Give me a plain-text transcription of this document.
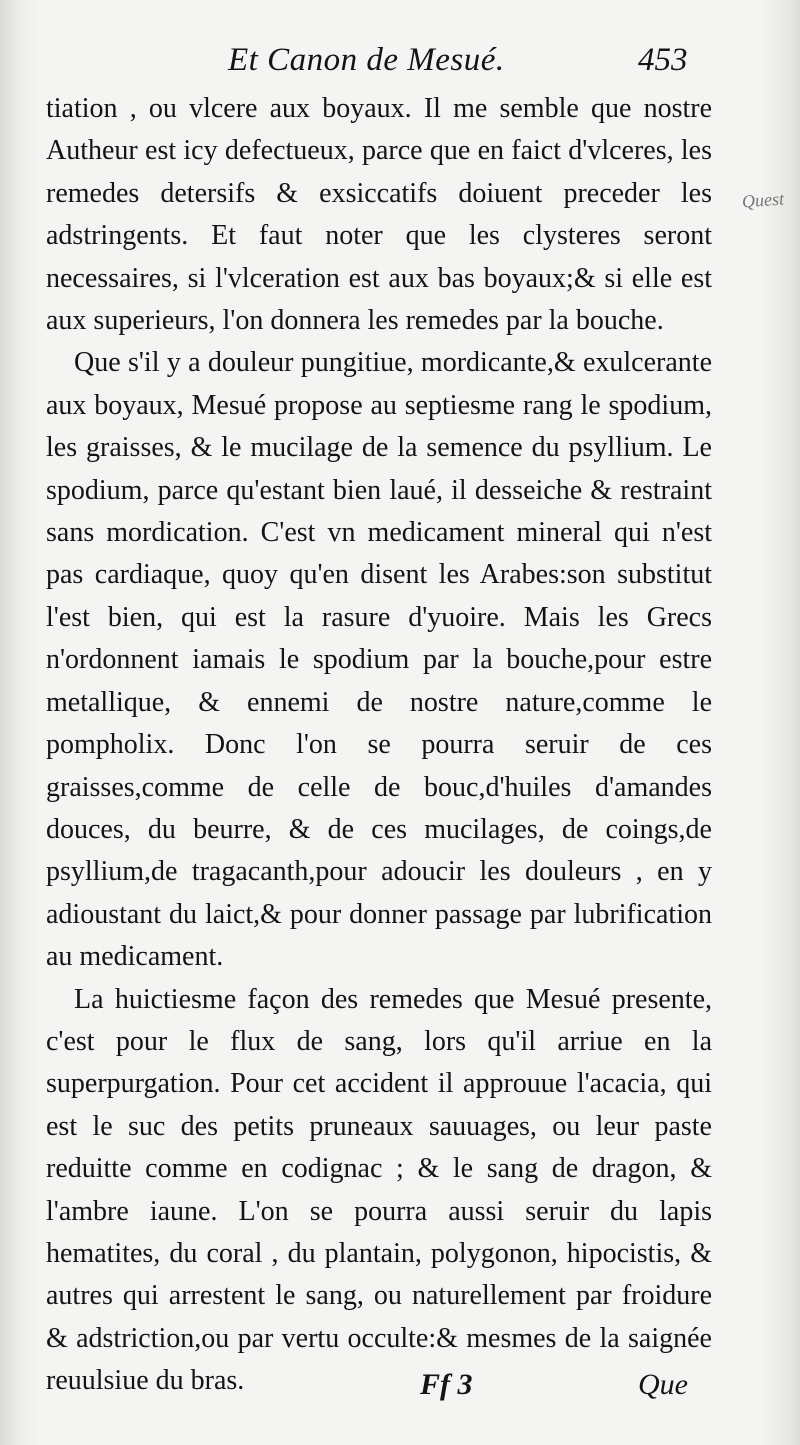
Et Canon de Mesué.	453

tiation , ou vlcere aux boyaux. Il me semble que nostre Autheur est icy defectueux, parce que en faict d'vlceres, les remedes detersifs & exsiccatifs doiuent preceder les adstringents. Et faut noter que les clysteres seront necessaires, si l'vlceration est aux bas boyaux;& si elle est aux superieurs, l'on donnera les remedes par la bouche.

Que s'il y a douleur pungitiue, mordicante,& exulcerante aux boyaux, Mesué propose au septiesme rang le spodium, les graisses, & le mucilage de la semence du psyllium. Le spodium, parce qu'estant bien laué, il desseiche & restraint sans mordication. C'est vn medicament mineral qui n'est pas cardiaque, quoy qu'en disent les Arabes:son substitut l'est bien, qui est la rasure d'yuoire. Mais les Grecs n'ordonnent iamais le spodium par la bouche,pour estre metallique, & ennemi de nostre nature,comme le pompholix. Donc l'on se pourra seruir de ces graisses,comme de celle de bouc,d'huiles d'amandes douces, du beurre, & de ces mucilages, de coings,de psyllium,de tragacanth,pour adoucir les douleurs , en y adioustant du laict,& pour donner passage par lubrification au medicament.

La huictiesme façon des remedes que Mesué presente, c'est pour le flux de sang, lors qu'il arriue en la superpurgation. Pour cet accident il approuue l'acacia, qui est le suc des petits pruneaux sauuages, ou leur paste reduitte comme en codignac ; & le sang de dragon, & l'ambre iaune. L'on se pourra aussi seruir du lapis hematites, du coral , du plantain, polygonon, hipocistis, & autres qui arrestent le sang, ou naturellement par froidure & adstriction,ou par vertu occulte:& mesmes de la saignée reuulsiue du bras.

Quest
Ff 3	Que
